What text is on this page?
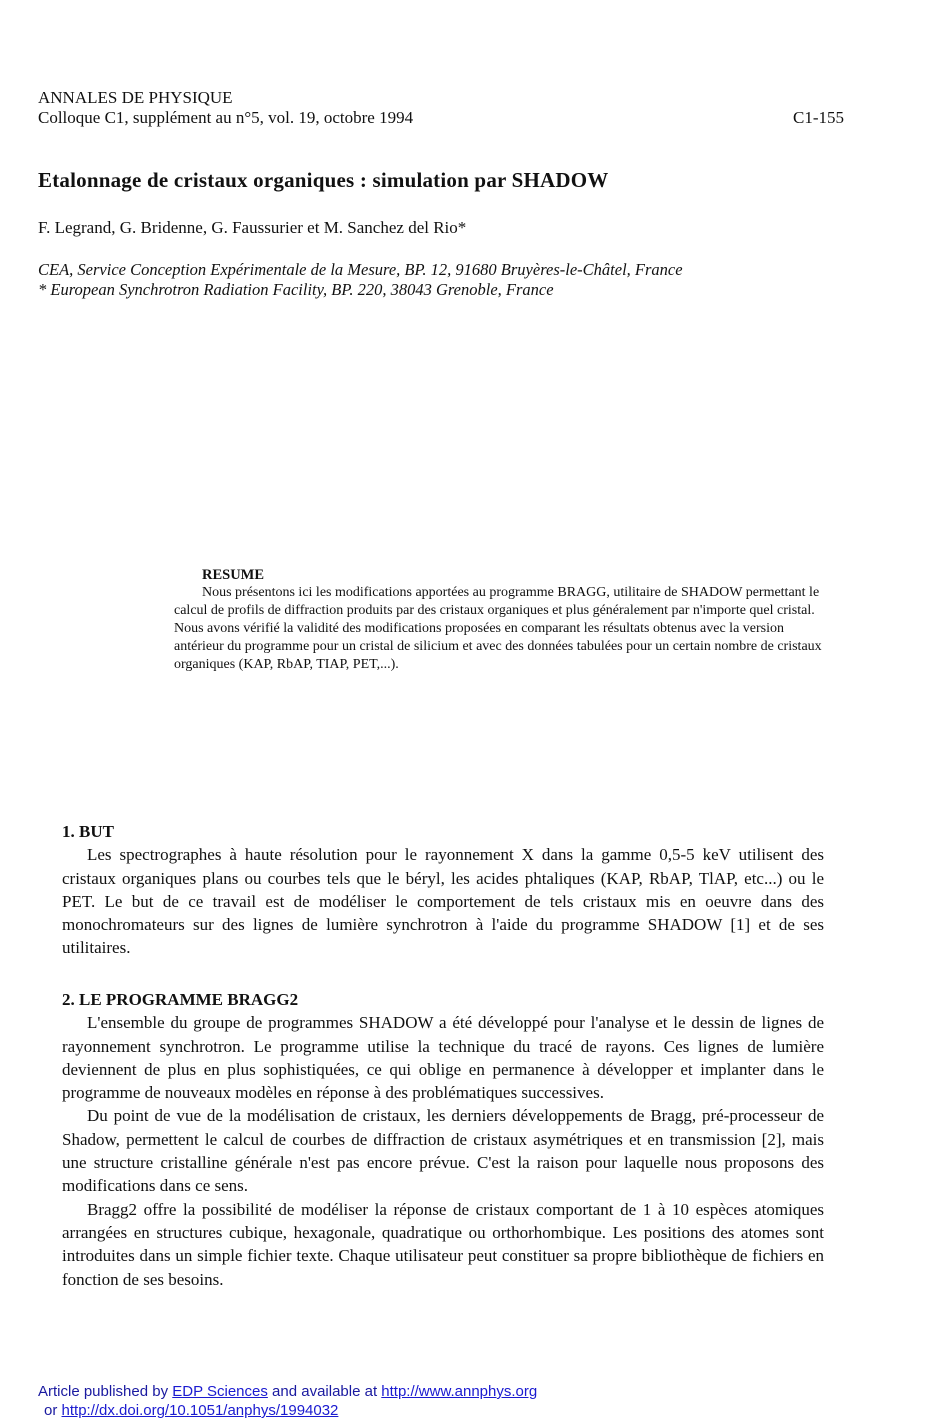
ANNALES DE PHYSIQUE
Colloque C1, supplément au n°5, vol. 19, octobre 1994	C1-155
Etalonnage de cristaux organiques : simulation par SHADOW
F. Legrand, G. Bridenne, G. Faussurier et M. Sanchez del Rio*
CEA, Service Conception Expérimentale de la Mesure, BP. 12, 91680 Bruyères-le-Châtel, France
* European Synchrotron Radiation Facility, BP. 220, 38043 Grenoble, France
RESUME

Nous présentons ici les modifications apportées au programme BRAGG, utilitaire de SHADOW permettant le calcul de profils de diffraction produits par des cristaux organiques et plus généralement par n'importe quel cristal.

Nous avons vérifié la validité des modifications proposées en comparant les résultats obtenus avec la version antérieur du programme pour un cristal de silicium et avec des données tabulées pour un certain nombre de cristaux organiques (KAP, RbAP, TIAP, PET,...).

1. BUT

Les spectrographes à haute résolution pour le rayonnement X dans la gamme 0,5-5 keV utilisent des cristaux organiques plans ou courbes tels que le béryl, les acides phtaliques (KAP, RbAP, TlAP, etc...) ou le PET. Le but de ce travail est de modéliser le comportement de tels cristaux mis en oeuvre dans des monochromateurs sur des lignes de lumière synchrotron à l'aide du programme SHADOW [1] et de ses utilitaires.

2. LE PROGRAMME BRAGG2

L'ensemble du groupe de programmes SHADOW a été développé pour l'analyse et le dessin de lignes de rayonnement synchrotron. Le programme utilise la technique du tracé de rayons. Ces lignes de lumière deviennent de plus en plus sophistiquées, ce qui oblige en permanence à développer et implanter dans le programme de nouveaux modèles en réponse à des problématiques successives.

Du point de vue de la modélisation de cristaux, les derniers développements de Bragg, pré-processeur de Shadow, permettent le calcul de courbes de diffraction de cristaux asymétriques et en transmission [2], mais une structure cristalline générale n'est pas encore prévue. C'est la raison pour laquelle nous proposons des modifications dans ce sens.

Bragg2 offre la possibilité de modéliser la réponse de cristaux comportant de 1 à 10 espèces atomiques arrangées en structures cubique, hexagonale, quadratique ou orthorhombique. Les positions des atomes sont introduites dans un simple fichier texte. Chaque utilisateur peut constituer sa propre bibliothèque de fichiers en fonction de ses besoins.

Article published by EDP Sciences and available at http://www.annphys.org
or http://dx.doi.org/10.1051/anphys/1994032
